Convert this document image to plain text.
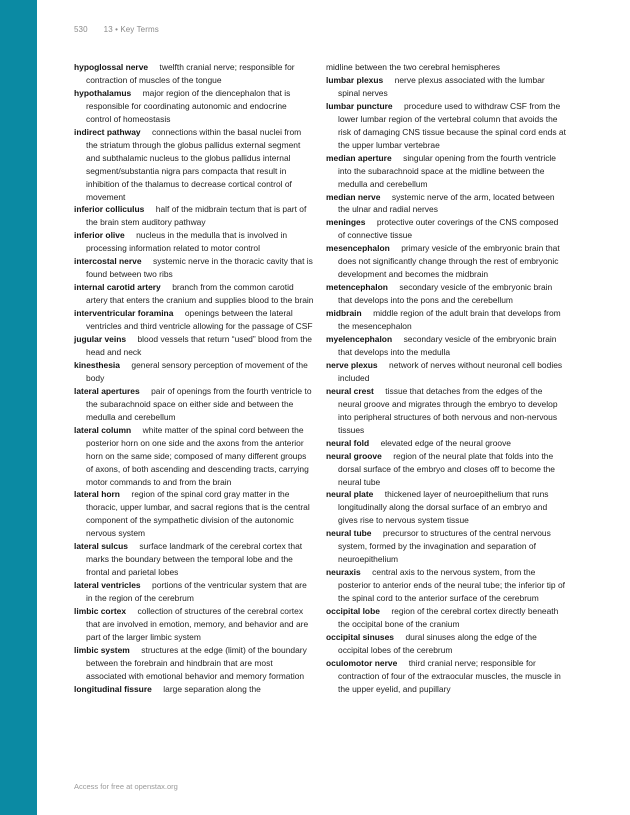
530 13 • Key Terms
hypoglossal nerve  twelfth cranial nerve; responsible for contraction of muscles of the tongue
hypothalamus  major region of the diencephalon that is responsible for coordinating autonomic and endocrine control of homeostasis
indirect pathway  connections within the basal nuclei from the striatum through the globus pallidus external segment and subthalamic nucleus to the globus pallidus internal segment/substantia nigra pars compacta that result in inhibition of the thalamus to decrease cortical control of movement
inferior colliculus  half of the midbrain tectum that is part of the brain stem auditory pathway
inferior olive  nucleus in the medulla that is involved in processing information related to motor control
intercostal nerve  systemic nerve in the thoracic cavity that is found between two ribs
internal carotid artery  branch from the common carotid artery that enters the cranium and supplies blood to the brain
interventricular foramina  openings between the lateral ventricles and third ventricle allowing for the passage of CSF
jugular veins  blood vessels that return “used” blood from the head and neck
kinesthesia  general sensory perception of movement of the body
lateral apertures  pair of openings from the fourth ventricle to the subarachnoid space on either side and between the medulla and cerebellum
lateral column  white matter of the spinal cord between the posterior horn on one side and the axons from the anterior horn on the same side; composed of many different groups of axons, of both ascending and descending tracts, carrying motor commands to and from the brain
lateral horn  region of the spinal cord gray matter in the thoracic, upper lumbar, and sacral regions that is the central component of the sympathetic division of the autonomic nervous system
lateral sulcus  surface landmark of the cerebral cortex that marks the boundary between the temporal lobe and the frontal and parietal lobes
lateral ventricles  portions of the ventricular system that are in the region of the cerebrum
limbic cortex  collection of structures of the cerebral cortex that are involved in emotion, memory, and behavior and are part of the larger limbic system
limbic system  structures at the edge (limit) of the boundary between the forebrain and hindbrain that are most associated with emotional behavior and memory formation
longitudinal fissure  large separation along the
midline between the two cerebral hemispheres
lumbar plexus  nerve plexus associated with the lumbar spinal nerves
lumbar puncture  procedure used to withdraw CSF from the lower lumbar region of the vertebral column that avoids the risk of damaging CNS tissue because the spinal cord ends at the upper lumbar vertebrae
median aperture  singular opening from the fourth ventricle into the subarachnoid space at the midline between the medulla and cerebellum
median nerve  systemic nerve of the arm, located between the ulnar and radial nerves
meninges  protective outer coverings of the CNS composed of connective tissue
mesencephalon  primary vesicle of the embryonic brain that does not significantly change through the rest of embryonic development and becomes the midbrain
metencephalon  secondary vesicle of the embryonic brain that develops into the pons and the cerebellum
midbrain  middle region of the adult brain that develops from the mesencephalon
myelencephalon  secondary vesicle of the embryonic brain that develops into the medulla
nerve plexus  network of nerves without neuronal cell bodies included
neural crest  tissue that detaches from the edges of the neural groove and migrates through the embryo to develop into peripheral structures of both nervous and non-nervous tissues
neural fold  elevated edge of the neural groove
neural groove  region of the neural plate that folds into the dorsal surface of the embryo and closes off to become the neural tube
neural plate  thickened layer of neuroepithelium that runs longitudinally along the dorsal surface of an embryo and gives rise to nervous system tissue
neural tube  precursor to structures of the central nervous system, formed by the invagination and separation of neuroepithelium
neuraxis  central axis to the nervous system, from the posterior to anterior ends of the neural tube; the inferior tip of the spinal cord to the anterior surface of the cerebrum
occipital lobe  region of the cerebral cortex directly beneath the occipital bone of the cranium
occipital sinuses  dural sinuses along the edge of the occipital lobes of the cerebrum
oculomotor nerve  third cranial nerve; responsible for contraction of four of the extraocular muscles, the muscle in the upper eyelid, and pupillary
Access for free at openstax.org
